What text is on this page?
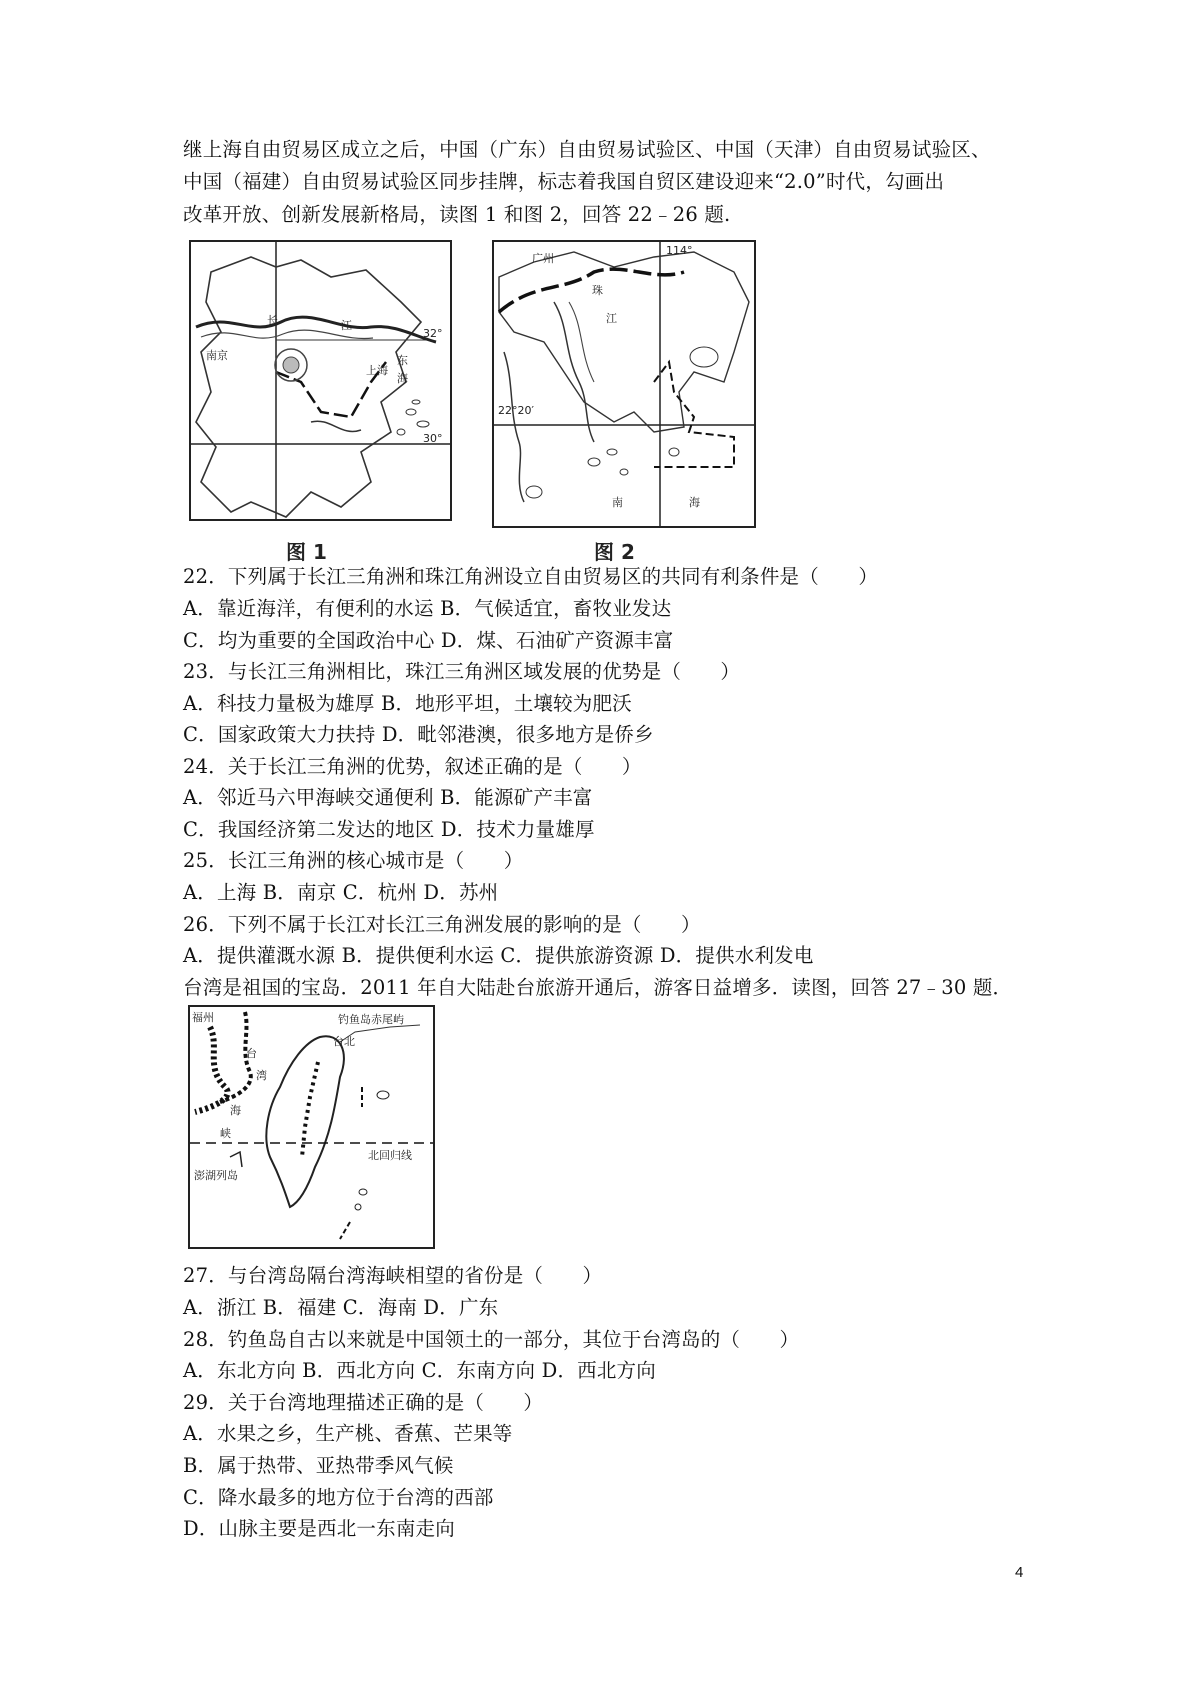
继上海自由贸易区成立之后，中国（广东）自由贸易试验区、中国（天津）自由贸易试验区、
中国（福建）自由贸易试验区同步挂牌，标志着我国自贸区建设迎来“2.0”时代，勾画出
改革开放、创新发展新格局，读图 1 和图 2，回答 22﹣26 题.
长	江
南京	东
海
上海
32°
30°
图 1
广州
114°
珠
江
22°20′
南	海
图 2
22．下列属于长江三角洲和珠江角洲设立自由贸易区的共同有利条件是（　　）
A．靠近海洋，有便利的水运 B．气候适宜，畜牧业发达
C．均为重要的全国政治中心 D．煤、石油矿产资源丰富
23．与长江三角洲相比，珠江三角洲区域发展的优势是（　　）
A．科技力量极为雄厚 B．地形平坦，土壤较为肥沃
C．国家政策大力扶持 D．毗邻港澳，很多地方是侨乡
24．关于长江三角洲的优势，叙述正确的是（　　）
A．邻近马六甲海峡交通便利 B．能源矿产丰富
C．我国经济第二发达的地区 D．技术力量雄厚
25．长江三角洲的核心城市是（　　）
A．上海 B．南京 C．杭州 D．苏州
26．下列不属于长江对长江三角洲发展的影响的是（　　）
A．提供灌溉水源 B．提供便利水运 C．提供旅游资源 D．提供水利发电
台湾是祖国的宝岛．2011 年自大陆赴台旅游开通后，游客日益增多．读图，回答 27﹣30 题．
福州	钓鱼岛赤尾屿
台
湾
台北
海
峡
澎湖列岛
北回归线
27．与台湾岛隔台湾海峡相望的省份是（　　）
A．浙江 B．福建 C．海南 D．广东
28．钓鱼岛自古以来就是中国领土的一部分，其位于台湾岛的（　　）
A．东北方向 B．西北方向 C．东南方向 D．西北方向
29．关于台湾地理描述正确的是（　　）
A．水果之乡，生产桃、香蕉、芒果等
B．属于热带、亚热带季风气候
C．降水最多的地方位于台湾的西部
D．山脉主要是西北一东南走向
4
